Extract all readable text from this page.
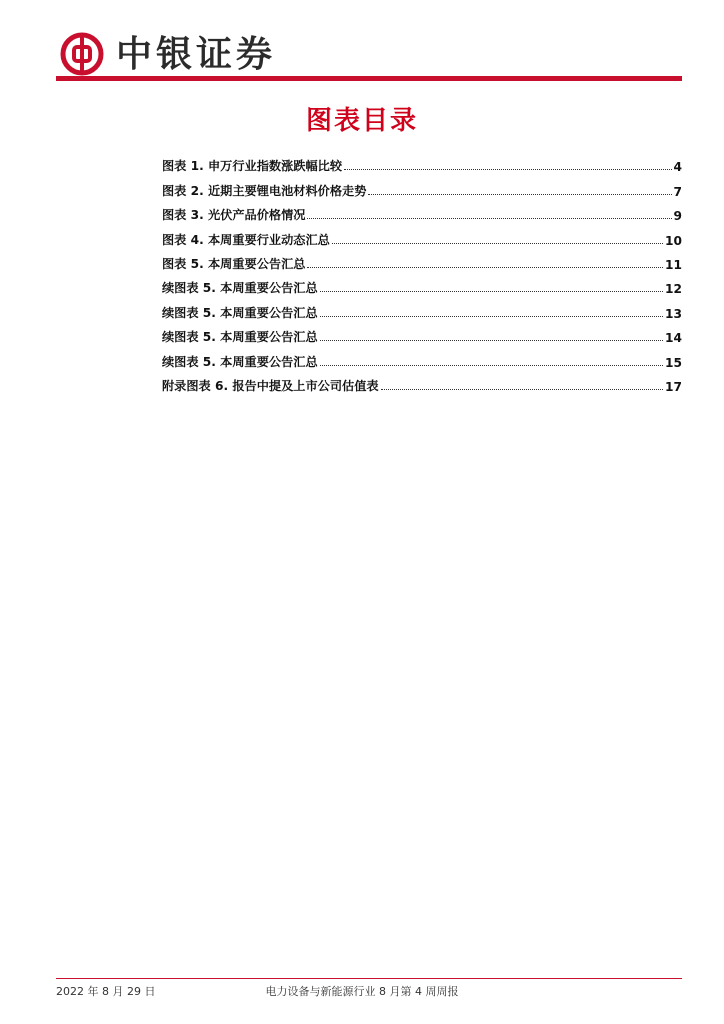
中银证券
图表目录
图表 1. 申万行业指数涨跌幅比较	4
图表 2. 近期主要锂电池材料价格走势	7
图表 3. 光伏产品价格情况	9
图表 4. 本周重要行业动态汇总	10
图表 5. 本周重要公告汇总	11
续图表 5. 本周重要公告汇总	12
续图表 5. 本周重要公告汇总	13
续图表 5. 本周重要公告汇总	14
续图表 5. 本周重要公告汇总	15
附录图表 6. 报告中提及上市公司估值表	17
2022 年 8 月 29 日	电力设备与新能源行业 8 月第 4 周周报
